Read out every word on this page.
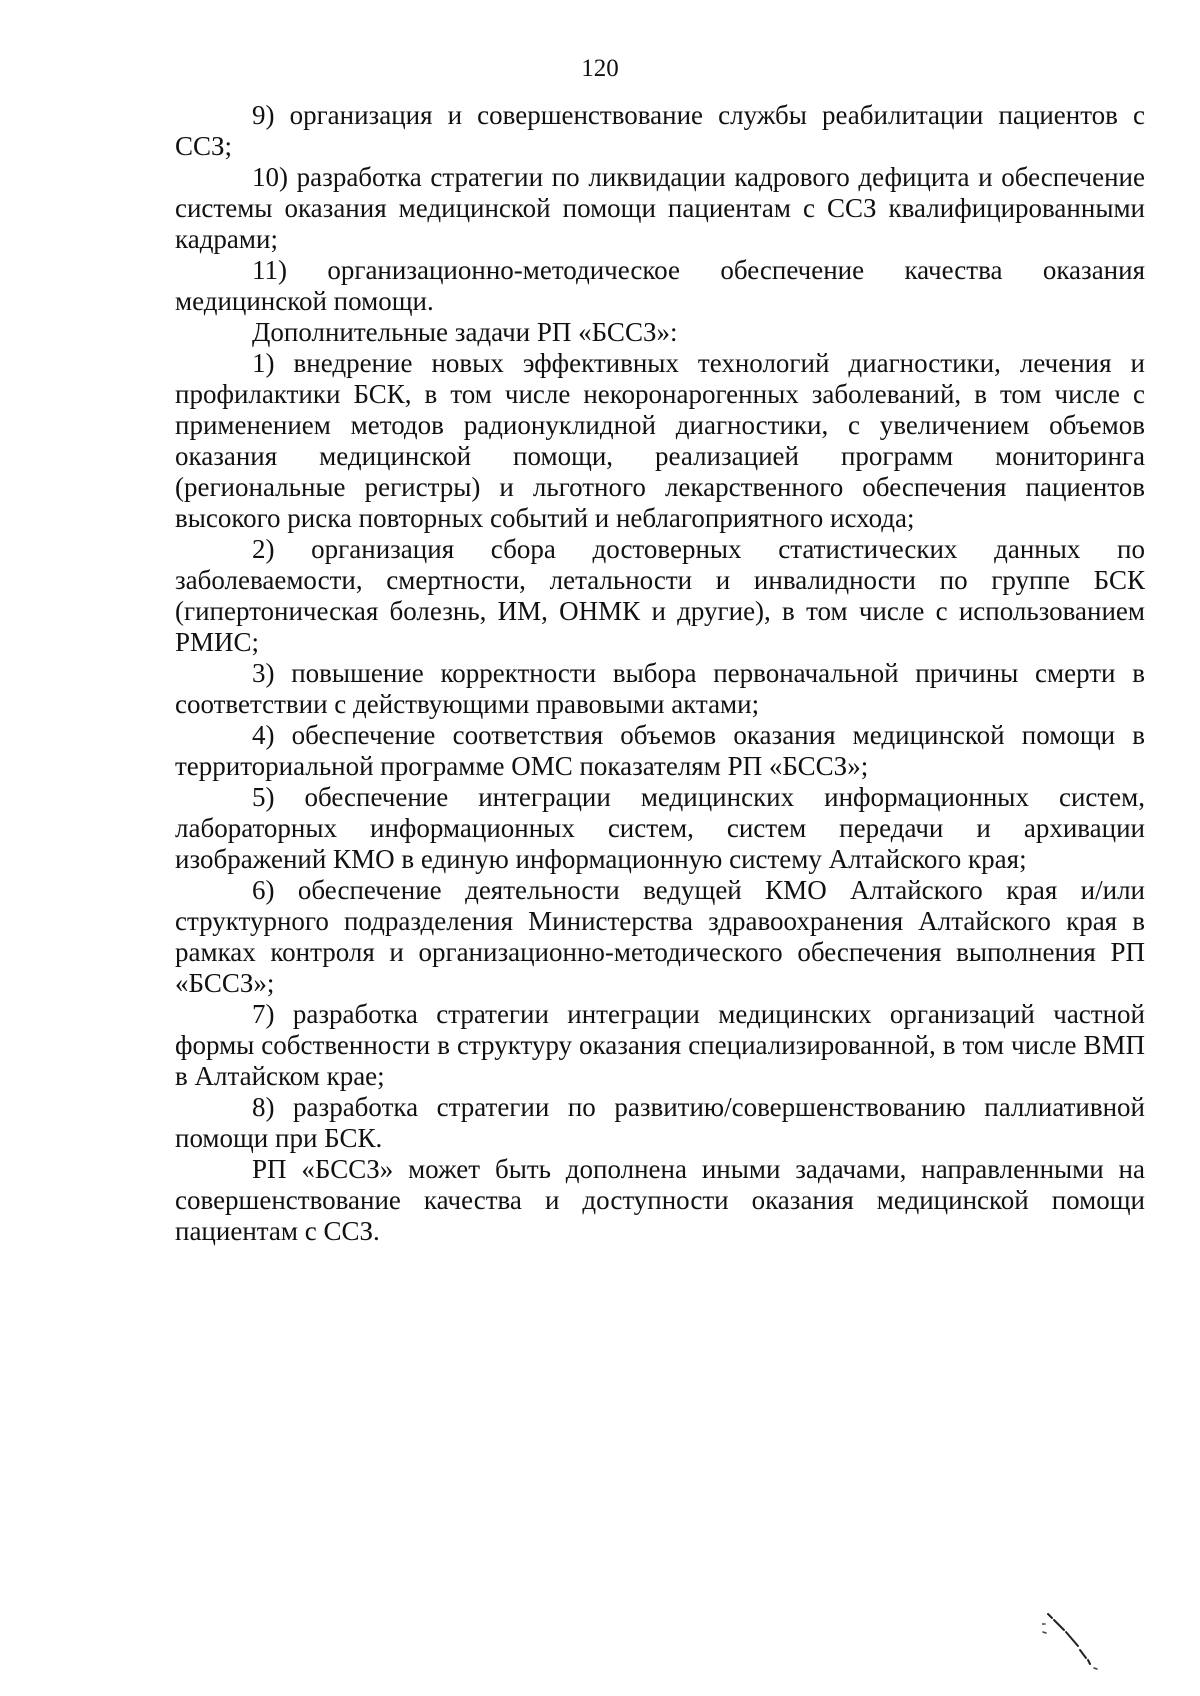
120

9) организация и совершенствование службы реабилитации пациентов с ССЗ;

10) разработка стратегии по ликвидации кадрового дефицита и обеспечение системы оказания медицинской помощи пациентам с ССЗ квалифицированными кадрами;

11) организационно-методическое обеспечение качества оказания медицинской помощи.

Дополнительные задачи РП «БССЗ»:

1) внедрение новых эффективных технологий диагностики, лечения и профилактики БСК, в том числе некоронарогенных заболеваний, в том числе с применением методов радионуклидной диагностики, с увеличением объемов оказания медицинской помощи, реализацией программ мониторинга (региональные регистры) и льготного лекарственного обеспечения пациентов высокого риска повторных событий и неблагоприятного исхода;

2) организация сбора достоверных статистических данных по заболеваемости, смертности, летальности и инвалидности по группе БСК (гипертоническая болезнь, ИМ, ОНМК и другие), в том числе с использованием РМИС;

3) повышение корректности выбора первоначальной причины смерти в соответствии с действующими правовыми актами;

4) обеспечение соответствия объемов оказания медицинской помощи в территориальной программе ОМС показателям РП «БССЗ»;

5) обеспечение интеграции медицинских информационных систем, лабораторных информационных систем, систем передачи и архивации изображений КМО в единую информационную систему Алтайского края;

6) обеспечение деятельности ведущей КМО Алтайского края и/или структурного подразделения Министерства здравоохранения Алтайского края в рамках контроля и организационно-методического обеспечения выполнения РП «БССЗ»;

7) разработка стратегии интеграции медицинских организаций частной формы собственности в структуру оказания специализированной, в том числе ВМП в Алтайском крае;

8) разработка стратегии по развитию/совершенствованию паллиативной помощи при БСК.

РП «БССЗ» может быть дополнена иными задачами, направленными на совершенствование качества и доступности оказания медицинской помощи пациентам с ССЗ.
